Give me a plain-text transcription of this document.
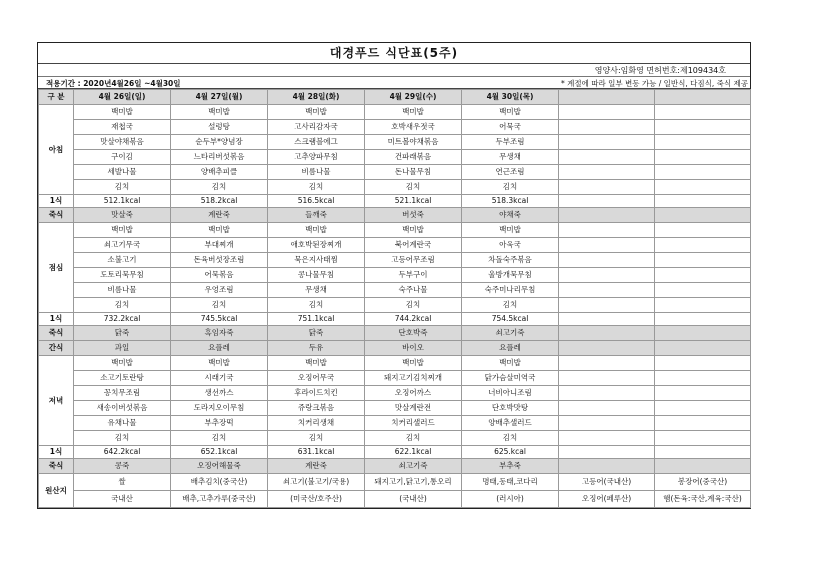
대경푸드 식단표(5주)
영양사:임화영 면허번호:제109434호
적용기간 : 2020년4월26일 ~4월30일	* 계절에 따라 일부 변동 가능 / 일반식, 다짐식, 죽식 제공
구 분	4월 26일(일)	4월 27일(월)	4월 28일(화)	4월 29일(수)	4월 30일(목)		
아침	백미밥	백미밥	백미밥	백미밥	백미밥		
	재첩국	설렁탕	고사리감자국	호박새우젓국	어묵국		
	맛살야채볶음	순두부*양념장	스크램블에그	미트볼야채볶음	두부조림		
	구이김	느타리버섯볶음	고추양파무침	건파래볶음	무생채		
	세발나물	양배추피클	비름나물	돈나물무침	연근조림		
	김치	김치	김치	김치	김치		
1식	512.1kcal	518.2kcal	516.5kcal	521.1kcal	518.3kcal		
죽식	맛살죽	계란죽	들깨죽	버섯죽	야채죽		
점심	백미밥	백미밥	백미밥	백미밥	백미밥		
	쇠고기무국	부대찌개	애호박된장찌개	북어계란국	아욱국		
	소불고기	돈육버섯장조림	묵은지사태찜	고등어무조림	차돌숙주볶음		
	도토리묵무침	어묵볶음	콩나물무침	두부구이	울방개묵무침		
	비름나물	우엉조림	무생채	숙주나물	숙주미나리무침		
	김치	김치	김치	김치	김치		
1식	732.2kcal	745.5kcal	751.1kcal	744.2kcal	754.5kcal		
죽식	닭죽	흑임자죽	닭죽	단호박죽	쇠고기죽		
간식	과일	요플레	두유	바이오	요플레		
저녁	백미밥	백미밥	백미밥	백미밥	백미밥		
	소고기토란탕	시래기국	오징어무국	돼지고기김치찌개	닭가슴살미역국		
	꽁치무조림	생선까스	후라이드치킨	오징어까스	너비아니조림		
	새송이버섯볶음	도라지오이무침	쥬랑크볶음	맛살계란전	단호박맛탕		
	유채나물	부추장떡	치커리생채	치커리샐러드	양배추샐러드		
	김치	김치	김치	김치	김치		
1식	642.2kcal	652.1kcal	631.1kcal	622.1kcal	625.kcal		
죽식	콩죽	오징어해물죽	계란죽	쇠고기죽	부추죽		
원산지	쌀	배추김치(중국산)	쇠고기(불고기/국용)	돼지고기,닭고기,통오리	명태,동태,코다리	고등어(국내산)	봉장어(중국산)
	국내산	배추,고추가루(중국산)	(미국산/호주산)	(국내산)	(러시아)	오징어(페루산)	햄(돈육:국산,계육:국산)
